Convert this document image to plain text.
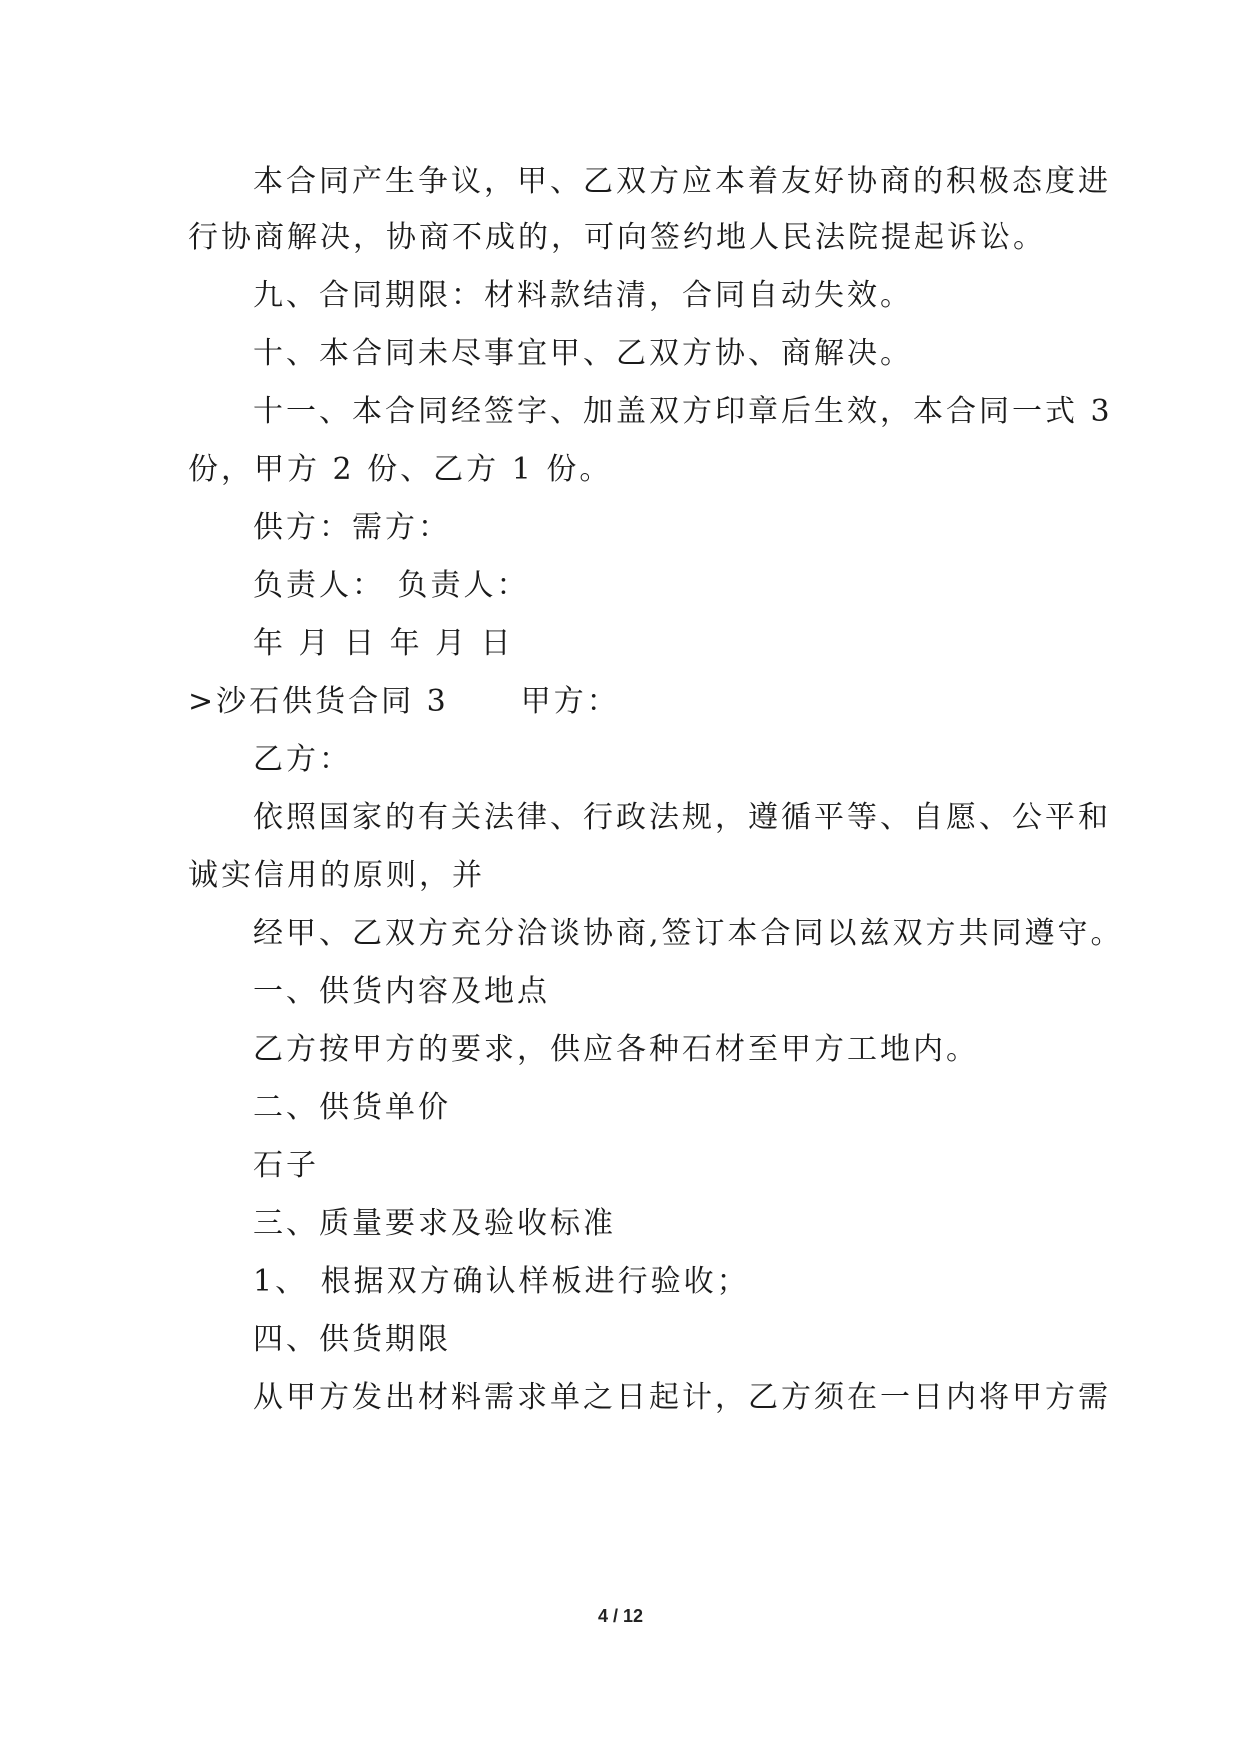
本合同产生争议，甲、乙双方应本着友好协商的积极态度进
行协商解决，协商不成的，可向签约地人民法院提起诉讼。
九、合同期限：材料款结清，合同自动失效。
十、本合同未尽事宜甲、乙双方协、商解决。
十一、本合同经签字、加盖双方印章后生效，本合同一式 3
份，甲方 2 份、乙方 1 份。
供方：需方：
负责人： 负责人：
年 月 日 年 月 日
>沙石供货合同 3 甲方：
乙方：
依照国家的有关法律、行政法规，遵循平等、自愿、公平和
诚实信用的原则，并
经甲、乙双方充分洽谈协商,签订本合同以兹双方共同遵守。
一、供货内容及地点
乙方按甲方的要求，供应各种石材至甲方工地内。
二、供货单价
石子
三、质量要求及验收标准
1、 根据双方确认样板进行验收；
四、供货期限
从甲方发出材料需求单之日起计，乙方须在一日内将甲方需
4 / 12
